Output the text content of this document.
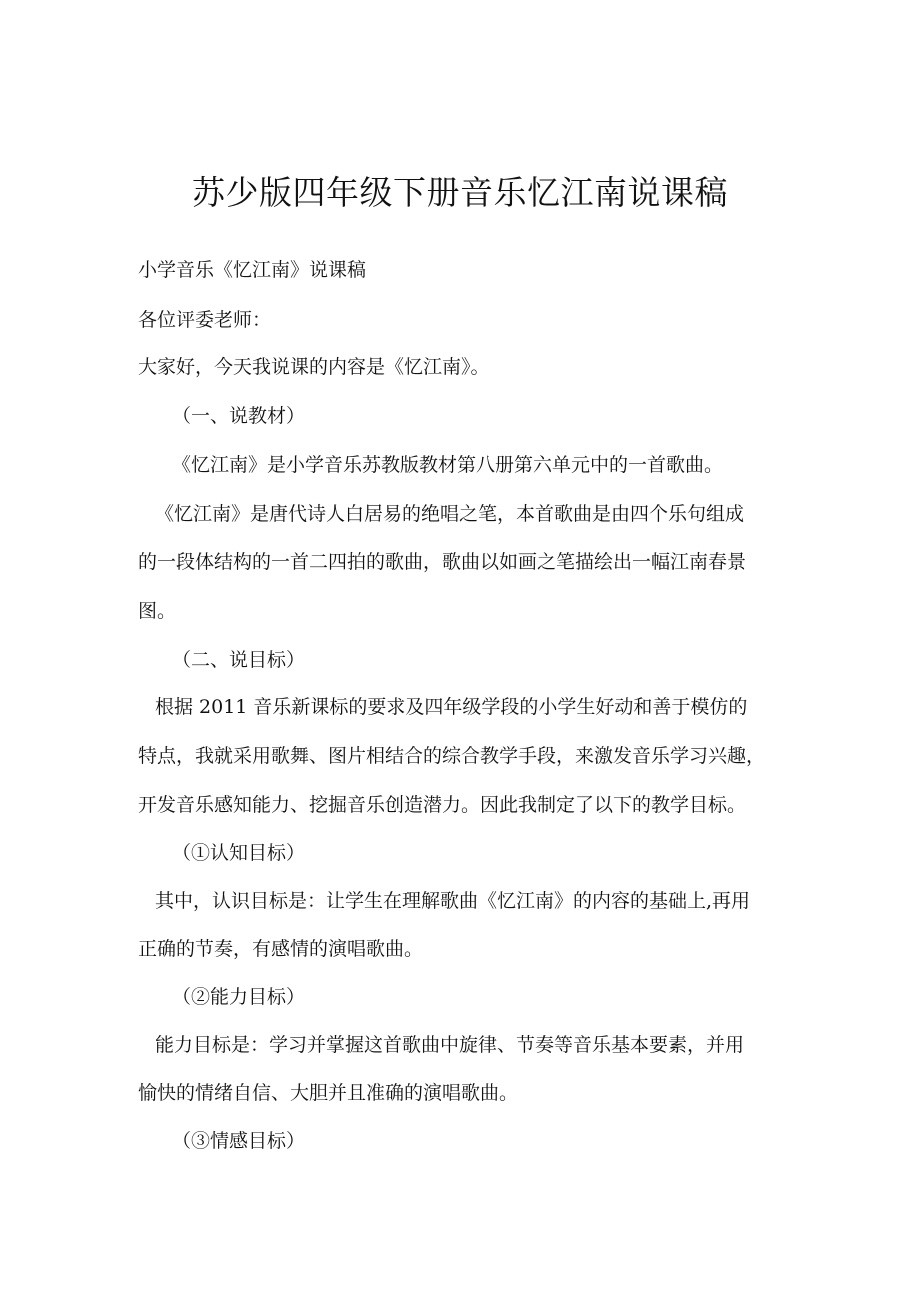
苏少版四年级下册音乐忆江南说课稿

小学音乐《忆江南》说课稿

各位评委老师：

大家好，今天我说课的内容是《忆江南》。

（一、说教材）

《忆江南》是小学音乐苏教版教材第八册第六单元中的一首歌曲。

《忆江南》是唐代诗人白居易的绝唱之笔，本首歌曲是由四个乐句组成

的一段体结构的一首二四拍的歌曲，歌曲以如画之笔描绘出一幅江南春景

图。

（二、说目标）

根据 2011 音乐新课标的要求及四年级学段的小学生好动和善于模仿的

特点，我就采用歌舞、图片相结合的综合教学手段，来激发音乐学习兴趣，

开发音乐感知能力、挖掘音乐创造潜力。因此我制定了以下的教学目标。

（①认知目标）

其中，认识目标是：让学生在理解歌曲《忆江南》的内容的基础上,再用

正确的节奏，有感情的演唱歌曲。

（②能力目标）

能力目标是：学习并掌握这首歌曲中旋律、节奏等音乐基本要素，并用

愉快的情绪自信、大胆并且准确的演唱歌曲。

（③情感目标）
